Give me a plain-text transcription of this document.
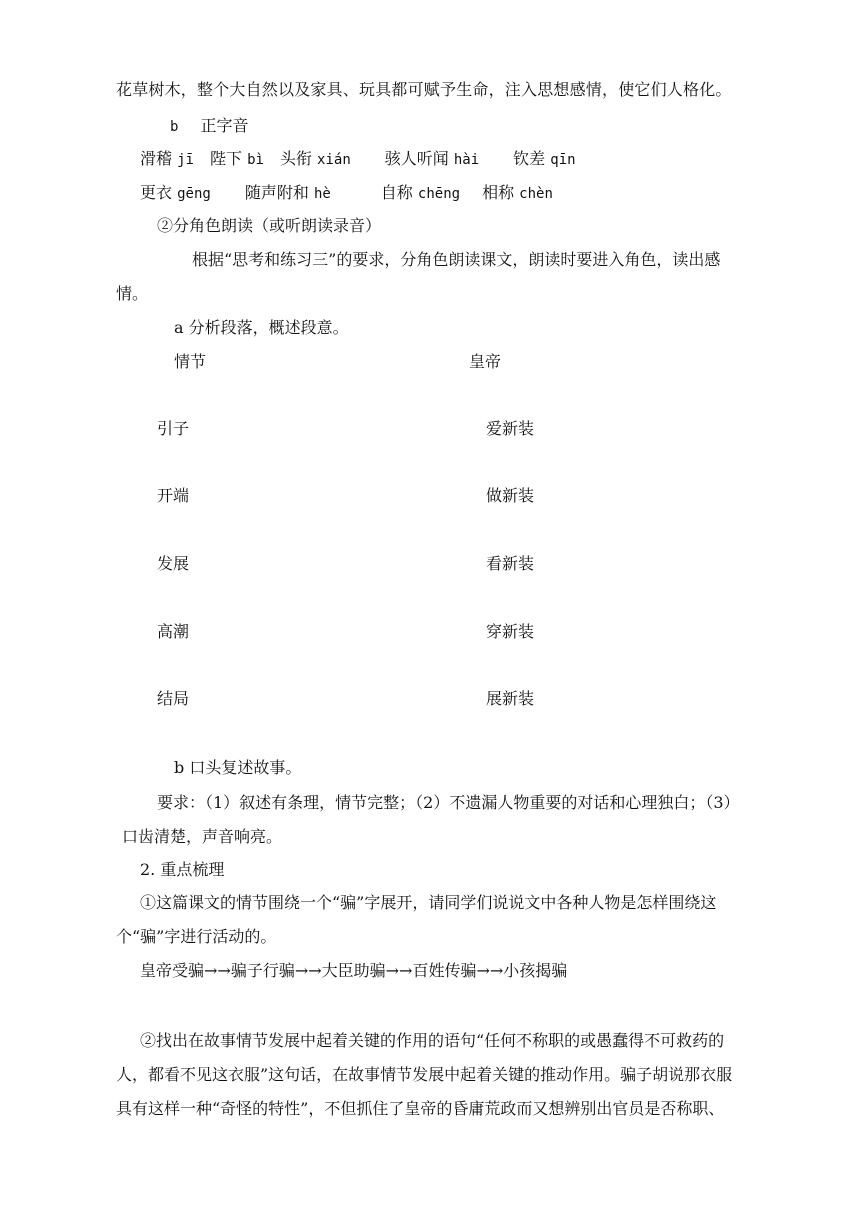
花草树木，整个大自然以及家具、玩具都可赋予生命，注入思想感情，使它们人格化。
b 正字音
滑稽 jī 陛下 bì 头衔 xián 骇人听闻 hài 钦差 qīn
更衣 gēng 随声附和 hè	自称 chēng 相称 chèn
②分角色朗读（或听朗读录音）
根据“思考和练习三”的要求，分角色朗读课文，朗读时要进入角色，读出感
情。
a 分析段落，概述段意。
情节	皇帝
引子	爱新装
开端	做新装
发展	看新装
高潮	穿新装
结局	展新装
b 口头复述故事。
要求：（1）叙述有条理，情节完整；（2）不遗漏人物重要的对话和心理独白；（3）
口齿清楚，声音响亮。
2. 重点梳理
①这篇课文的情节围绕一个“骗”字展开，请同学们说说文中各种人物是怎样围绕这
个“骗”字进行活动的。
皇帝受骗→→骗子行骗→→大臣助骗→→百姓传骗→→小孩揭骗
②找出在故事情节发展中起着关键的作用的语句“任何不称职的或愚蠢得不可救药的
人，都看不见这衣服”这句话，在故事情节发展中起着关键的推动作用。骗子胡说那衣服
具有这样一种“奇怪的特性”，不但抓住了皇帝的昏庸荒政而又想辨别出官员是否称职、
